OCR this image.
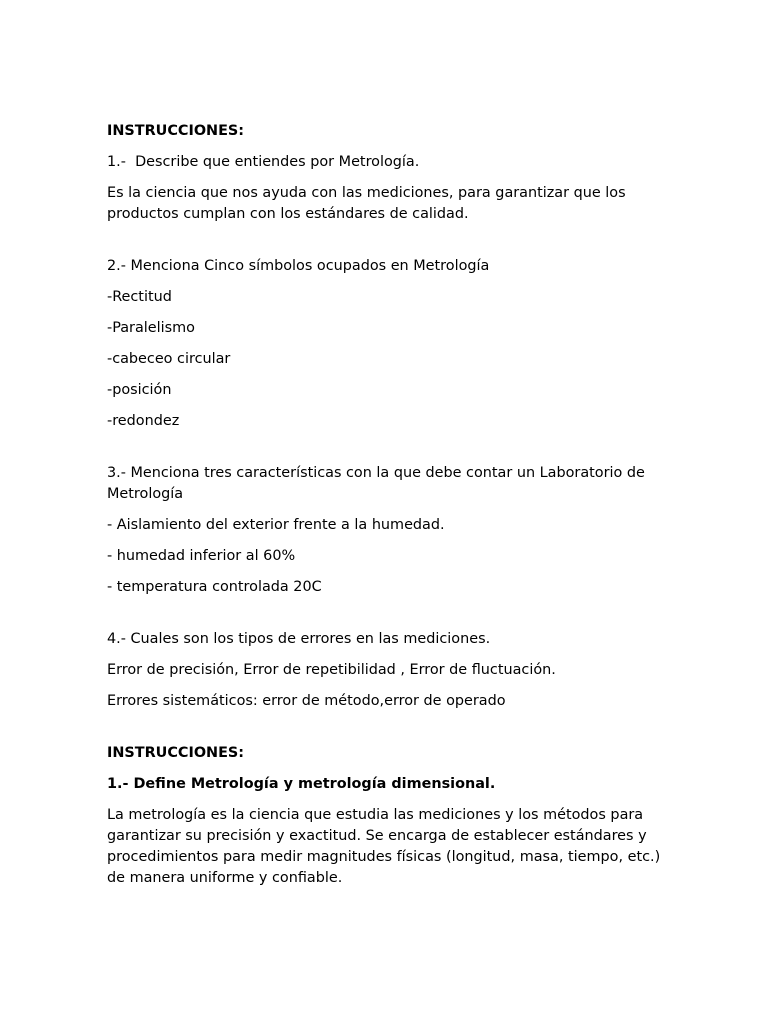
INSTRUCCIONES:

1.-  Describe que entiendes por Metrología.

Es la ciencia que nos ayuda con las mediciones, para garantizar que los productos cumplan con los estándares de calidad.

2.- Menciona Cinco símbolos ocupados en Metrología

-Rectitud

-Paralelismo

-cabeceo circular

-posición

-redondez

3.- Menciona tres características con la que debe contar un Laboratorio de Metrología

- Aislamiento del exterior frente a la humedad.

- humedad inferior al 60%

- temperatura controlada 20C

4.- Cuales son los tipos de errores en las mediciones.

Error de precisión, Error de repetibilidad , Error de fluctuación.

Errores sistemáticos: error de método,error de operado

INSTRUCCIONES:

1.- Define Metrología y metrología dimensional.

La metrología es la ciencia que estudia las mediciones y los métodos para garantizar su precisión y exactitud. Se encarga de establecer estándares y procedimientos para medir magnitudes físicas (longitud, masa, tiempo, etc.) de manera uniforme y confiable.
